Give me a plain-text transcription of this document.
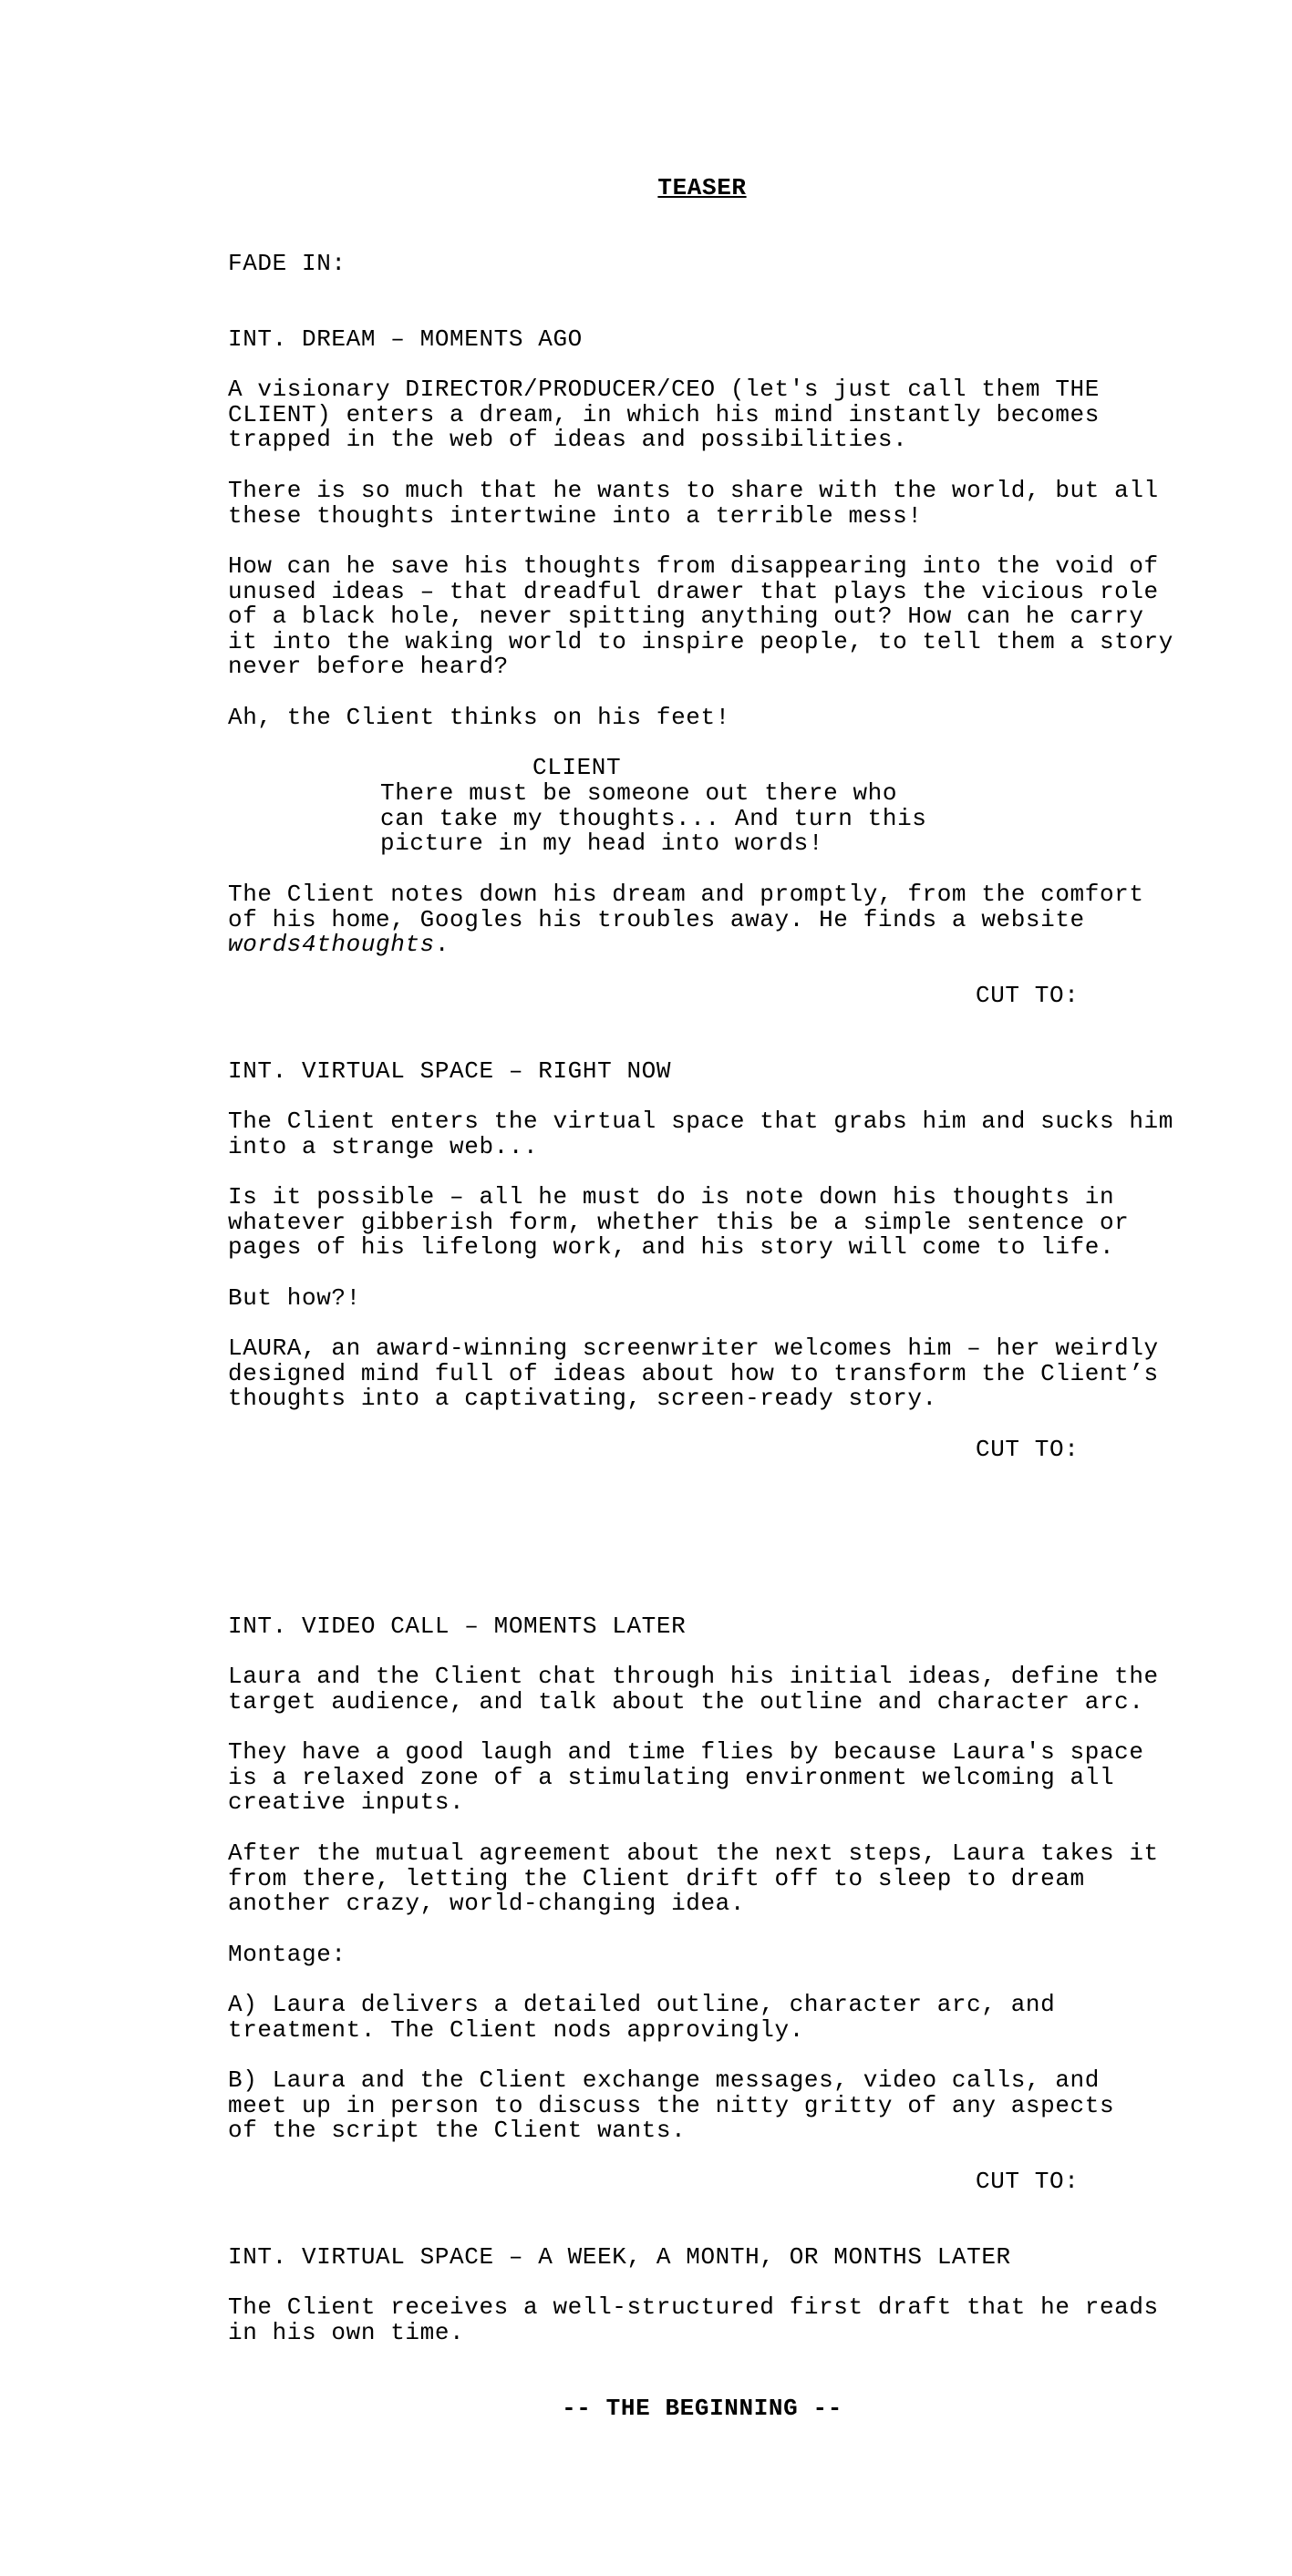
TEASER

FADE IN:

INT. DREAM – MOMENTS AGO

A visionary DIRECTOR/PRODUCER/CEO (let's just call them THE
CLIENT) enters a dream, in which his mind instantly becomes
trapped in the web of ideas and possibilities.

There is so much that he wants to share with the world, but all
these thoughts intertwine into a terrible mess!

How can he save his thoughts from disappearing into the void of
unused ideas – that dreadful drawer that plays the vicious role
of a black hole, never spitting anything out? How can he carry
it into the waking world to inspire people, to tell them a story
never before heard?

Ah, the Client thinks on his feet!

CLIENT

There must be someone out there who
can take my thoughts... And turn this
picture in my head into words!

The Client notes down his dream and promptly, from the comfort
of his home, Googles his troubles away. He finds a website
words4thoughts.

CUT TO:

INT. VIRTUAL SPACE – RIGHT NOW

The Client enters the virtual space that grabs him and sucks him
into a strange web...

Is it possible – all he must do is note down his thoughts in
whatever gibberish form, whether this be a simple sentence or
pages of his lifelong work, and his story will come to life.

But how?!

LAURA, an award-winning screenwriter welcomes him – her weirdly
designed mind full of ideas about how to transform the Client’s
thoughts into a captivating, screen-ready story.

CUT TO:

INT. VIDEO CALL – MOMENTS LATER

Laura and the Client chat through his initial ideas, define the
target audience, and talk about the outline and character arc.

They have a good laugh and time flies by because Laura's space
is a relaxed zone of a stimulating environment welcoming all
creative inputs.

After the mutual agreement about the next steps, Laura takes it
from there, letting the Client drift off to sleep to dream
another crazy, world-changing idea.

Montage:

A) Laura delivers a detailed outline, character arc, and
treatment. The Client nods approvingly.

B) Laura and the Client exchange messages, video calls, and
meet up in person to discuss the nitty gritty of any aspects
of the script the Client wants.

CUT TO:

INT. VIRTUAL SPACE – A WEEK, A MONTH, OR MONTHS LATER

The Client receives a well-structured first draft that he reads
in his own time.

-- THE BEGINNING --
